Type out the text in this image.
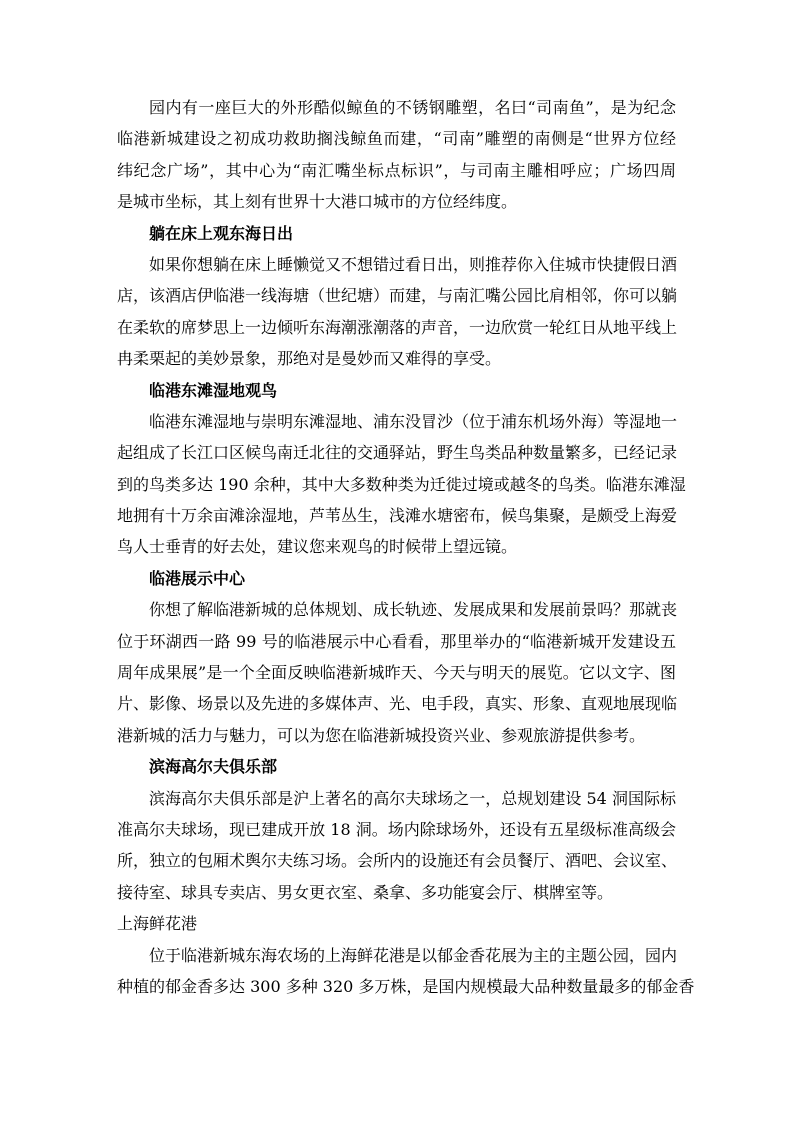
园内有一座巨大的外形酷似鲸鱼的不锈钢雕塑，名曰“司南鱼”，是为纪念
临港新城建设之初成功救助搁浅鲸鱼而建，“司南”雕塑的南侧是“世界方位经
纬纪念广场”，其中心为“南汇嘴坐标点标识”，与司南主雕相呼应；广场四周
是城市坐标，其上刻有世界十大港口城市的方位经纬度。
躺在床上观东海日出
如果你想躺在床上睡懒觉又不想错过看日出，则推荐你入住城市快捷假日酒
店，该酒店伊临港一线海塘（世纪塘）而建，与南汇嘴公园比肩相邻，你可以躺
在柔软的席梦思上一边倾听东海潮涨潮落的声音，一边欣赏一轮红日从地平线上
冉柔栗起的美妙景象，那绝对是曼妙而又难得的享受。
临港东滩湿地观鸟
临港东滩湿地与崇明东滩湿地、浦东没冒沙（位于浦东机场外海）等湿地一
起组成了长江口区候鸟南迁北往的交通驿站，野生鸟类品种数量繁多，已经记录
到的鸟类多达 190 余种，其中大多数种类为迁徙过境或越冬的鸟类。临港东滩湿
地拥有十万余亩滩涂湿地，芦苇丛生，浅滩水塘密布，候鸟集聚，是颇受上海爱
鸟人士垂青的好去处，建议您来观鸟的时候带上望远镜。
临港展示中心
你想了解临港新城的总体规划、成长轨迹、发展成果和发展前景吗？那就丧
位于环湖西一路 99 号的临港展示中心看看，那里举办的“临港新城开发建设五
周年成果展”是一个全面反映临港新城昨天、今天与明天的展览。它以文字、图
片、影像、场景以及先进的多媒体声、光、电手段，真实、形象、直观地展现临
港新城的活力与魅力，可以为您在临港新城投资兴业、参观旅游提供参考。
滨海高尔夫俱乐部
滨海高尔夫俱乐部是沪上著名的高尔夫球场之一，总规划建设 54 洞国际标
准高尔夫球场，现已建成开放 18 洞。场内除球场外，还设有五星级标准高级会
所，独立的包厢术舆尔夫练习场。会所内的设施还有会员餐厅、酒吧、会议室、
接待室、球具专卖店、男女更衣室、桑拿、多功能宴会厅、棋牌室等。
上海鲜花港
位于临港新城东海农场的上海鲜花港是以郁金香花展为主的主题公园，园内
种植的郁金香多达 300 多种 320 多万株，是国内规模最大品种数量最多的郁金香
